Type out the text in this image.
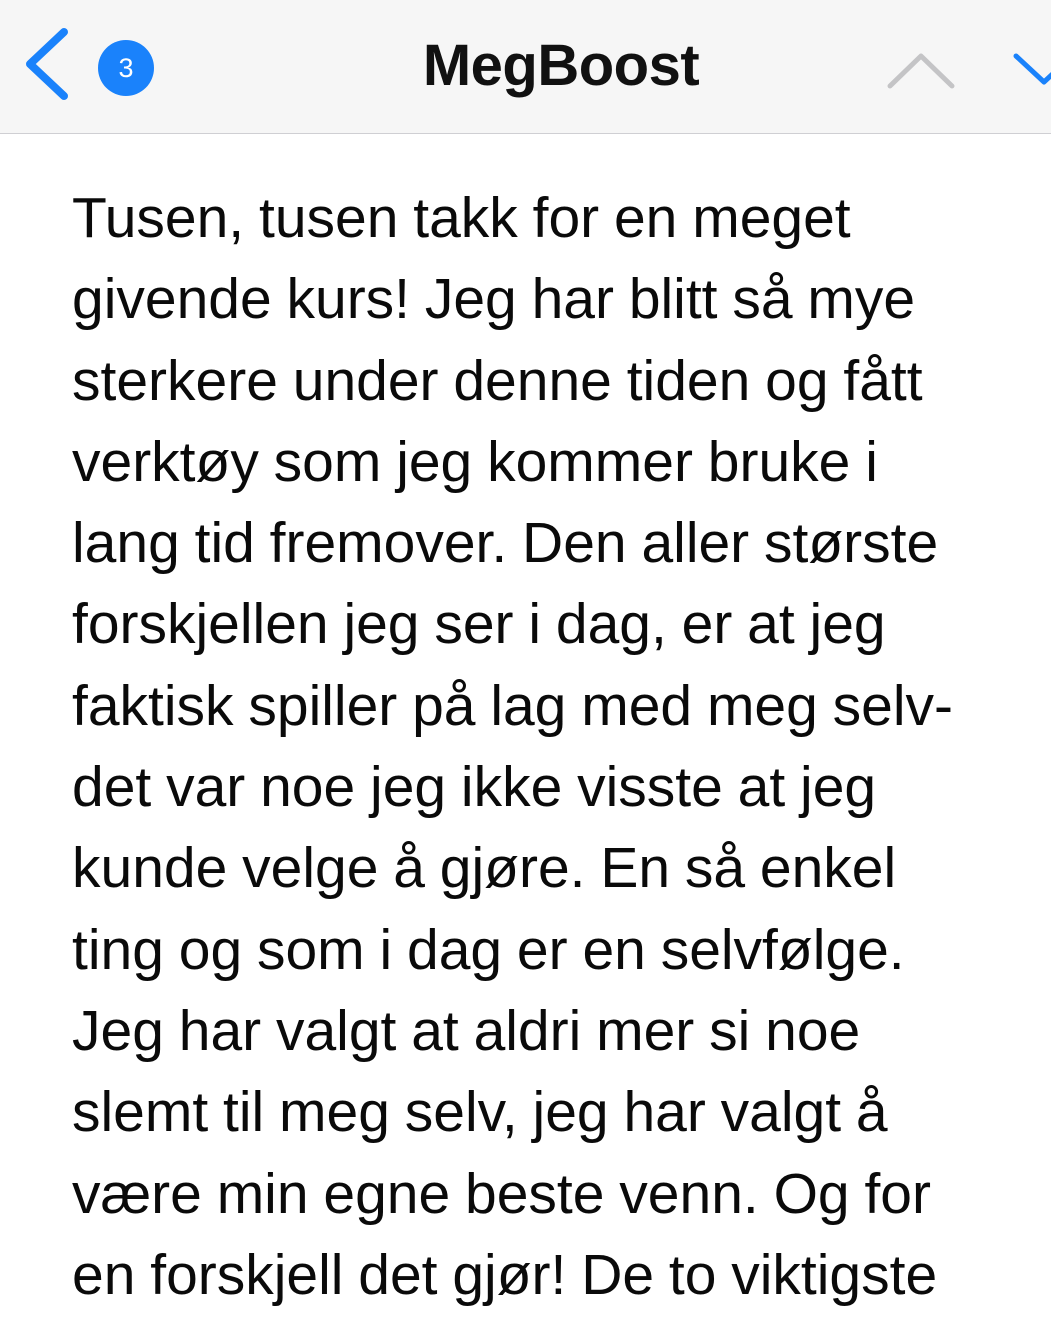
3	MegBoost

Tusen, tusen takk for en meget
givende kurs! Jeg har blitt så mye
sterkere under denne tiden og fått
verktøy som jeg kommer bruke i
lang tid fremover. Den aller største
forskjellen jeg ser i dag, er at jeg
faktisk spiller på lag med meg selv-
det var noe jeg ikke visste at jeg
kunde velge å gjøre. En så enkel
ting og som i dag er en selvfølge.
Jeg har valgt at aldri mer si noe
slemt til meg selv, jeg har valgt å
være min egne beste venn. Og for
en forskjell det gjør! De to viktigste
